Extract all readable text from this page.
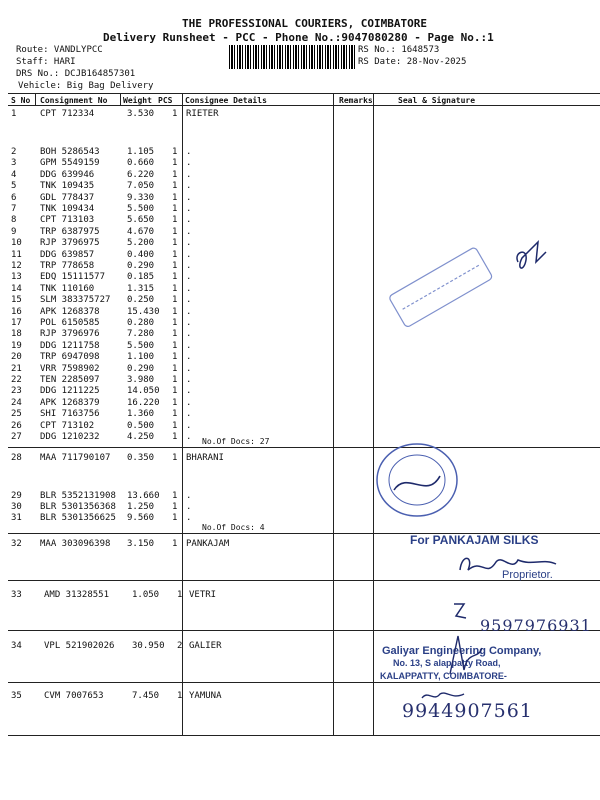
THE PROFESSIONAL COURIERS, COIMBATORE
Delivery Runsheet - PCC - Phone No.:9047080280 - Page No.:1
Route: VANDLYPCC
Staff: HARI
DRS No.: DCJB164857301
Vehicle: Big Bag Delivery
RS No.: 1648573
RS Date: 28-Nov-2025
S No Consignment No Weight PCS Consignee Details	Remarks	Seal & Signature
1	CPT 712334	3.530 1 RIETER
2	BOH 5286543	1.105 1 .
3	GPM 5549159	0.660 1 .
4	DDG 639946	6.220 1 .
5	TNK 109435	7.050 1 .
6	GDL 778437	9.330 1 .
7	TNK 109434	5.500 1 .
8	CPT 713103	5.650 1 .
9	TRP 6387975	4.670 1 .
10 RJP 3796975	5.200 1 .
11 DDG 639857	0.400 1 .
12 TRP 778658	0.290 1 .
13 EDQ 15111577 0.185 1 .
14 TNK 110160	1.315 1 .
15 SLM 383375727 0.250 1 .
16 APK 1268378	15.430 1 .
17 POL 6150585	0.280 1 .
18 RJP 3796976	7.280 1 .
19 DDG 1211758	5.500 1 .
20 TRP 6947098	1.100 1 .
21 VRR 7598902	0.290 1 .
22 TEN 2285097	3.980 1 .
23 DDG 1211225	14.050 1 .
24 APK 1268379	16.220 1 .
25 SHI 7163756	1.360 1 .
26 CPT 713102	0.500 1 .
27 DDG 1210232	4.250 1 . No.Of Docs: 27
28 MAA 711790107 0.350 1 BHARANI
29 BLR 5352131908 13.660 1 .
30 BLR 5301356368 1.250 1 .
31 BLR 5301356625 9.560 1 .
No.Of Docs: 4
32 MAA 303096398 3.150 1 PANKAJAM
33 AMD 31328551	1.050 1 VETRI
34 VPL 521902026 30.950 2 GALIER
35 CVM 7007653	7.450 1 YAMUNA
For PANKAJAM SILKS
Proprietor.
9597976931
Galiyar Engineering Company,
No. 13, S alappatty Road,
KALAPPATTY, COIMBATORE-
9944907561
